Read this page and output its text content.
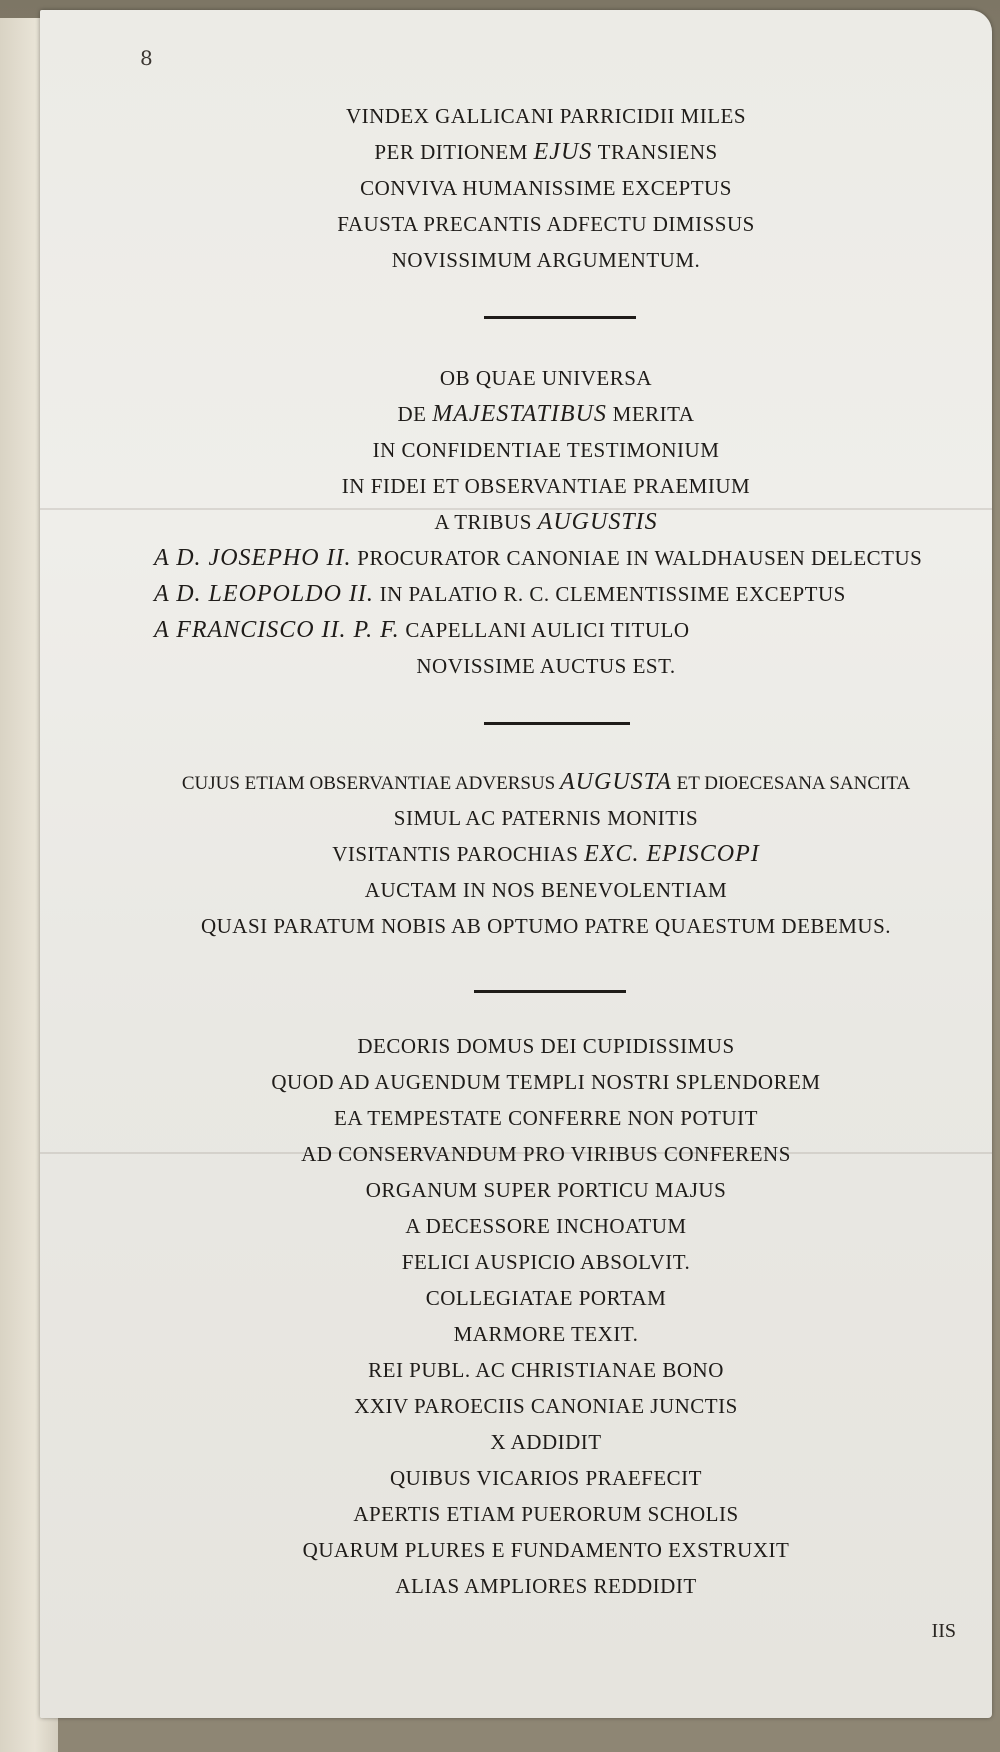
8
VINDEX GALLICANI PARRICIDII MILES
PER DITIONEM EJUS TRANSIENS
CONVIVA HUMANISSIME EXCEPTUS
FAUSTA PRECANTIS ADFECTU DIMISSUS
NOVISSIMUM ARGUMENTUM.
OB QUAE UNIVERSA
DE MAJESTATIBUS MERITA
IN CONFIDENTIAE TESTIMONIUM
IN FIDEI ET OBSERVANTIAE PRAEMIUM
A TRIBUS AUGUSTIS
A D. JOSEPHO II. PROCURATOR CANONIAE IN WALDHAUSEN DELECTUS
A D. LEOPOLDO II. IN PALATIO R. C. CLEMENTISSIME EXCEPTUS
A FRANCISCO II. P. F. CAPELLANI AULICI TITULO
NOVISSIME AUCTUS EST.
CUJUS ETIAM OBSERVANTIAE ADVERSUS AUGUSTA ET DIOECESANA SANCITA
SIMUL AC PATERNIS MONITIS
VISITANTIS PAROCHIAS EXC. EPISCOPI
AUCTAM IN NOS BENEVOLENTIAM
QUASI PARATUM NOBIS AB OPTUMO PATRE QUAESTUM DEBEMUS.
DECORIS DOMUS DEI CUPIDISSIMUS
QUOD AD AUGENDUM TEMPLI NOSTRI SPLENDOREM
EA TEMPESTATE CONFERRE NON POTUIT
AD CONSERVANDUM PRO VIRIBUS CONFERENS
ORGANUM SUPER PORTICU MAJUS
A DECESSORE INCHOATUM
FELICI AUSPICIO ABSOLVIT.
COLLEGIATAE PORTAM
MARMORE TEXIT.
REI PUBL. AC CHRISTIANAE BONO
XXIV PAROECIIS CANONIAE JUNCTIS
X ADDIDIT
QUIBUS VICARIOS PRAEFECIT
APERTIS ETIAM PUERORUM SCHOLIS
QUARUM PLURES E FUNDAMENTO EXSTRUXIT
ALIAS AMPLIORES REDDIDIT
IIS
